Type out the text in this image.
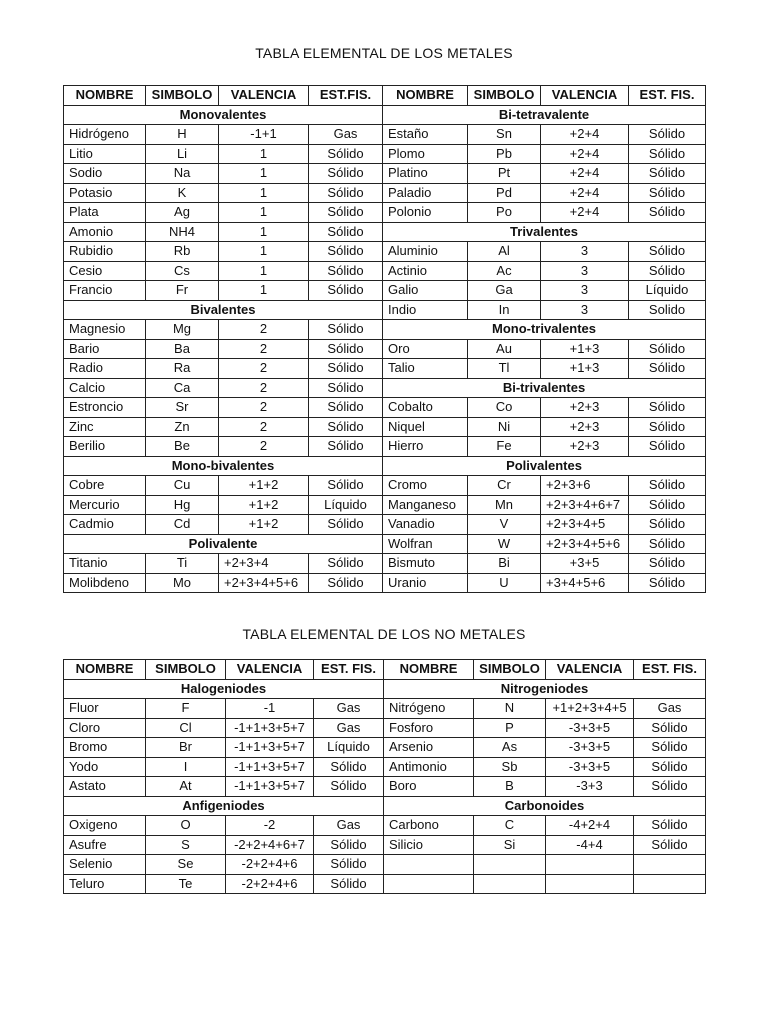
TABLA ELEMENTAL DE LOS METALES
NOMBRE	SIMBOLO	VALENCIA	EST.FIS.	NOMBRE	SIMBOLO	VALENCIA	EST. FIS.
Monovalentes				Bi-tetravalente			
Hidrógeno	H	-1+1	Gas	Estaño	Sn	+2+4	Sólido
Litio	Li	1	Sólido	Plomo	Pb	+2+4	Sólido
Sodio	Na	1	Sólido	Platino	Pt	+2+4	Sólido
Potasio	K	1	Sólido	Paladio	Pd	+2+4	Sólido
Plata	Ag	1	Sólido	Polonio	Po	+2+4	Sólido
Amonio	NH4	1	Sólido	Trivalentes			
Rubidio	Rb	1	Sólido	Aluminio	Al	3	Sólido
Cesio	Cs	1	Sólido	Actinio	Ac	3	Sólido
Francio	Fr	1	Sólido	Galio	Ga	3	Líquido
Bivalentes				Indio	In	3	Solido
Magnesio	Mg	2	Sólido	Mono-trivalentes			
Bario	Ba	2	Sólido	Oro	Au	+1+3	Sólido
Radio	Ra	2	Sólido	Talio	Tl	+1+3	Sólido
Calcio	Ca	2	Sólido	Bi-trivalentes			
Estroncio	Sr	2	Sólido	Cobalto	Co	+2+3	Sólido
Zinc	Zn	2	Sólido	Niquel	Ni	+2+3	Sólido
Berilio	Be	2	Sólido	Hierro	Fe	+2+3	Sólido
Mono-bivalentes				Polivalentes			
Cobre	Cu	+1+2	Sólido	Cromo	Cr	+2+3+6	Sólido
Mercurio	Hg	+1+2	Líquido	Manganeso	Mn	+2+3+4+6+7	Sólido
Cadmio	Cd	+1+2	Sólido	Vanadio	V	+2+3+4+5	Sólido
Polivalente				Wolfran	W	+2+3+4+5+6	Sólido
Titanio	Ti	+2+3+4	Sólido	Bismuto	Bi	+3+5	Sólido
Molibdeno	Mo	+2+3+4+5+6	Sólido	Uranio	U	+3+4+5+6	Sólido
TABLA ELEMENTAL DE LOS NO METALES
NOMBRE	SIMBOLO	VALENCIA	EST. FIS.	NOMBRE	SIMBOLO	VALENCIA	EST. FIS.
Halogeniodes				Nitrogeniodes			
Fluor	F	-1	Gas	Nitrógeno	N	+1+2+3+4+5	Gas
Cloro	Cl	-1+1+3+5+7	Gas	Fosforo	P	-3+3+5	Sólido
Bromo	Br	-1+1+3+5+7	Líquido	Arsenio	As	-3+3+5	Sólido
Yodo	I	-1+1+3+5+7	Sólido	Antimonio	Sb	-3+3+5	Sólido
Astato	At	-1+1+3+5+7	Sólido	Boro	B	-3+3	Sólido
Anfigeniodes				Carbonoides			
Oxigeno	O	-2	Gas	Carbono	C	-4+2+4	Sólido
Asufre	S	-2+2+4+6+7	Sólido	Silicio	Si	-4+4	Sólido
Selenio	Se	-2+2+4+6	Sólido				
Teluro	Te	-2+2+4+6	Sólido				
